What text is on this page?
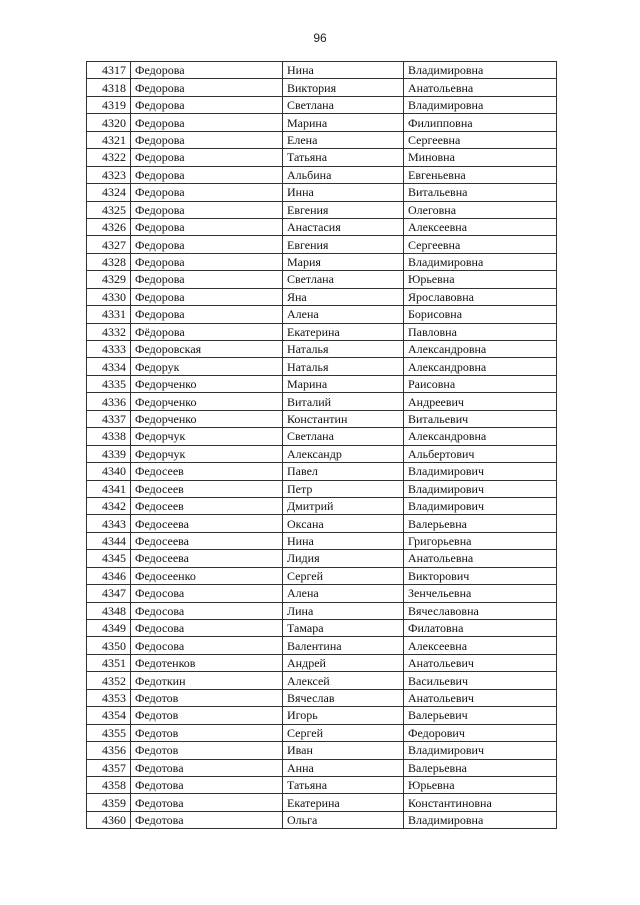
96
4317	Федорова	Нина	Владимировна
4318	Федорова	Виктория	Анатольевна
4319	Федорова	Светлана	Владимировна
4320	Федорова	Марина	Филипповна
4321	Федорова	Елена	Сергеевна
4322	Федорова	Татьяна	Миновна
4323	Федорова	Альбина	Евгеньевна
4324	Федорова	Инна	Витальевна
4325	Федорова	Евгения	Олеговна
4326	Федорова	Анастасия	Алексеевна
4327	Федорова	Евгения	Сергеевна
4328	Федорова	Мария	Владимировна
4329	Федорова	Светлана	Юрьевна
4330	Федорова	Яна	Ярославовна
4331	Федорова	Алена	Борисовна
4332	Фёдорова	Екатерина	Павловна
4333	Федоровская	Наталья	Александровна
4334	Федорук	Наталья	Александровна
4335	Федорченко	Марина	Раисовна
4336	Федорченко	Виталий	Андреевич
4337	Федорченко	Константин	Витальевич
4338	Федорчук	Светлана	Александровна
4339	Федорчук	Александр	Альбертович
4340	Федосеев	Павел	Владимирович
4341	Федосеев	Петр	Владимирович
4342	Федосеев	Дмитрий	Владимирович
4343	Федосеева	Оксана	Валерьевна
4344	Федосеева	Нина	Григорьевна
4345	Федосеева	Лидия	Анатольевна
4346	Федосеенко	Сергей	Викторович
4347	Федосова	Алена	Зенчельевна
4348	Федосова	Лина	Вячеславовна
4349	Федосова	Тамара	Филатовна
4350	Федосова	Валентина	Алексеевна
4351	Федотенков	Андрей	Анатольевич
4352	Федоткин	Алексей	Васильевич
4353	Федотов	Вячеслав	Анатольевич
4354	Федотов	Игорь	Валерьевич
4355	Федотов	Сергей	Федорович
4356	Федотов	Иван	Владимирович
4357	Федотова	Анна	Валерьевна
4358	Федотова	Татьяна	Юрьевна
4359	Федотова	Екатерина	Константиновна
4360	Федотова	Ольга	Владимировна
